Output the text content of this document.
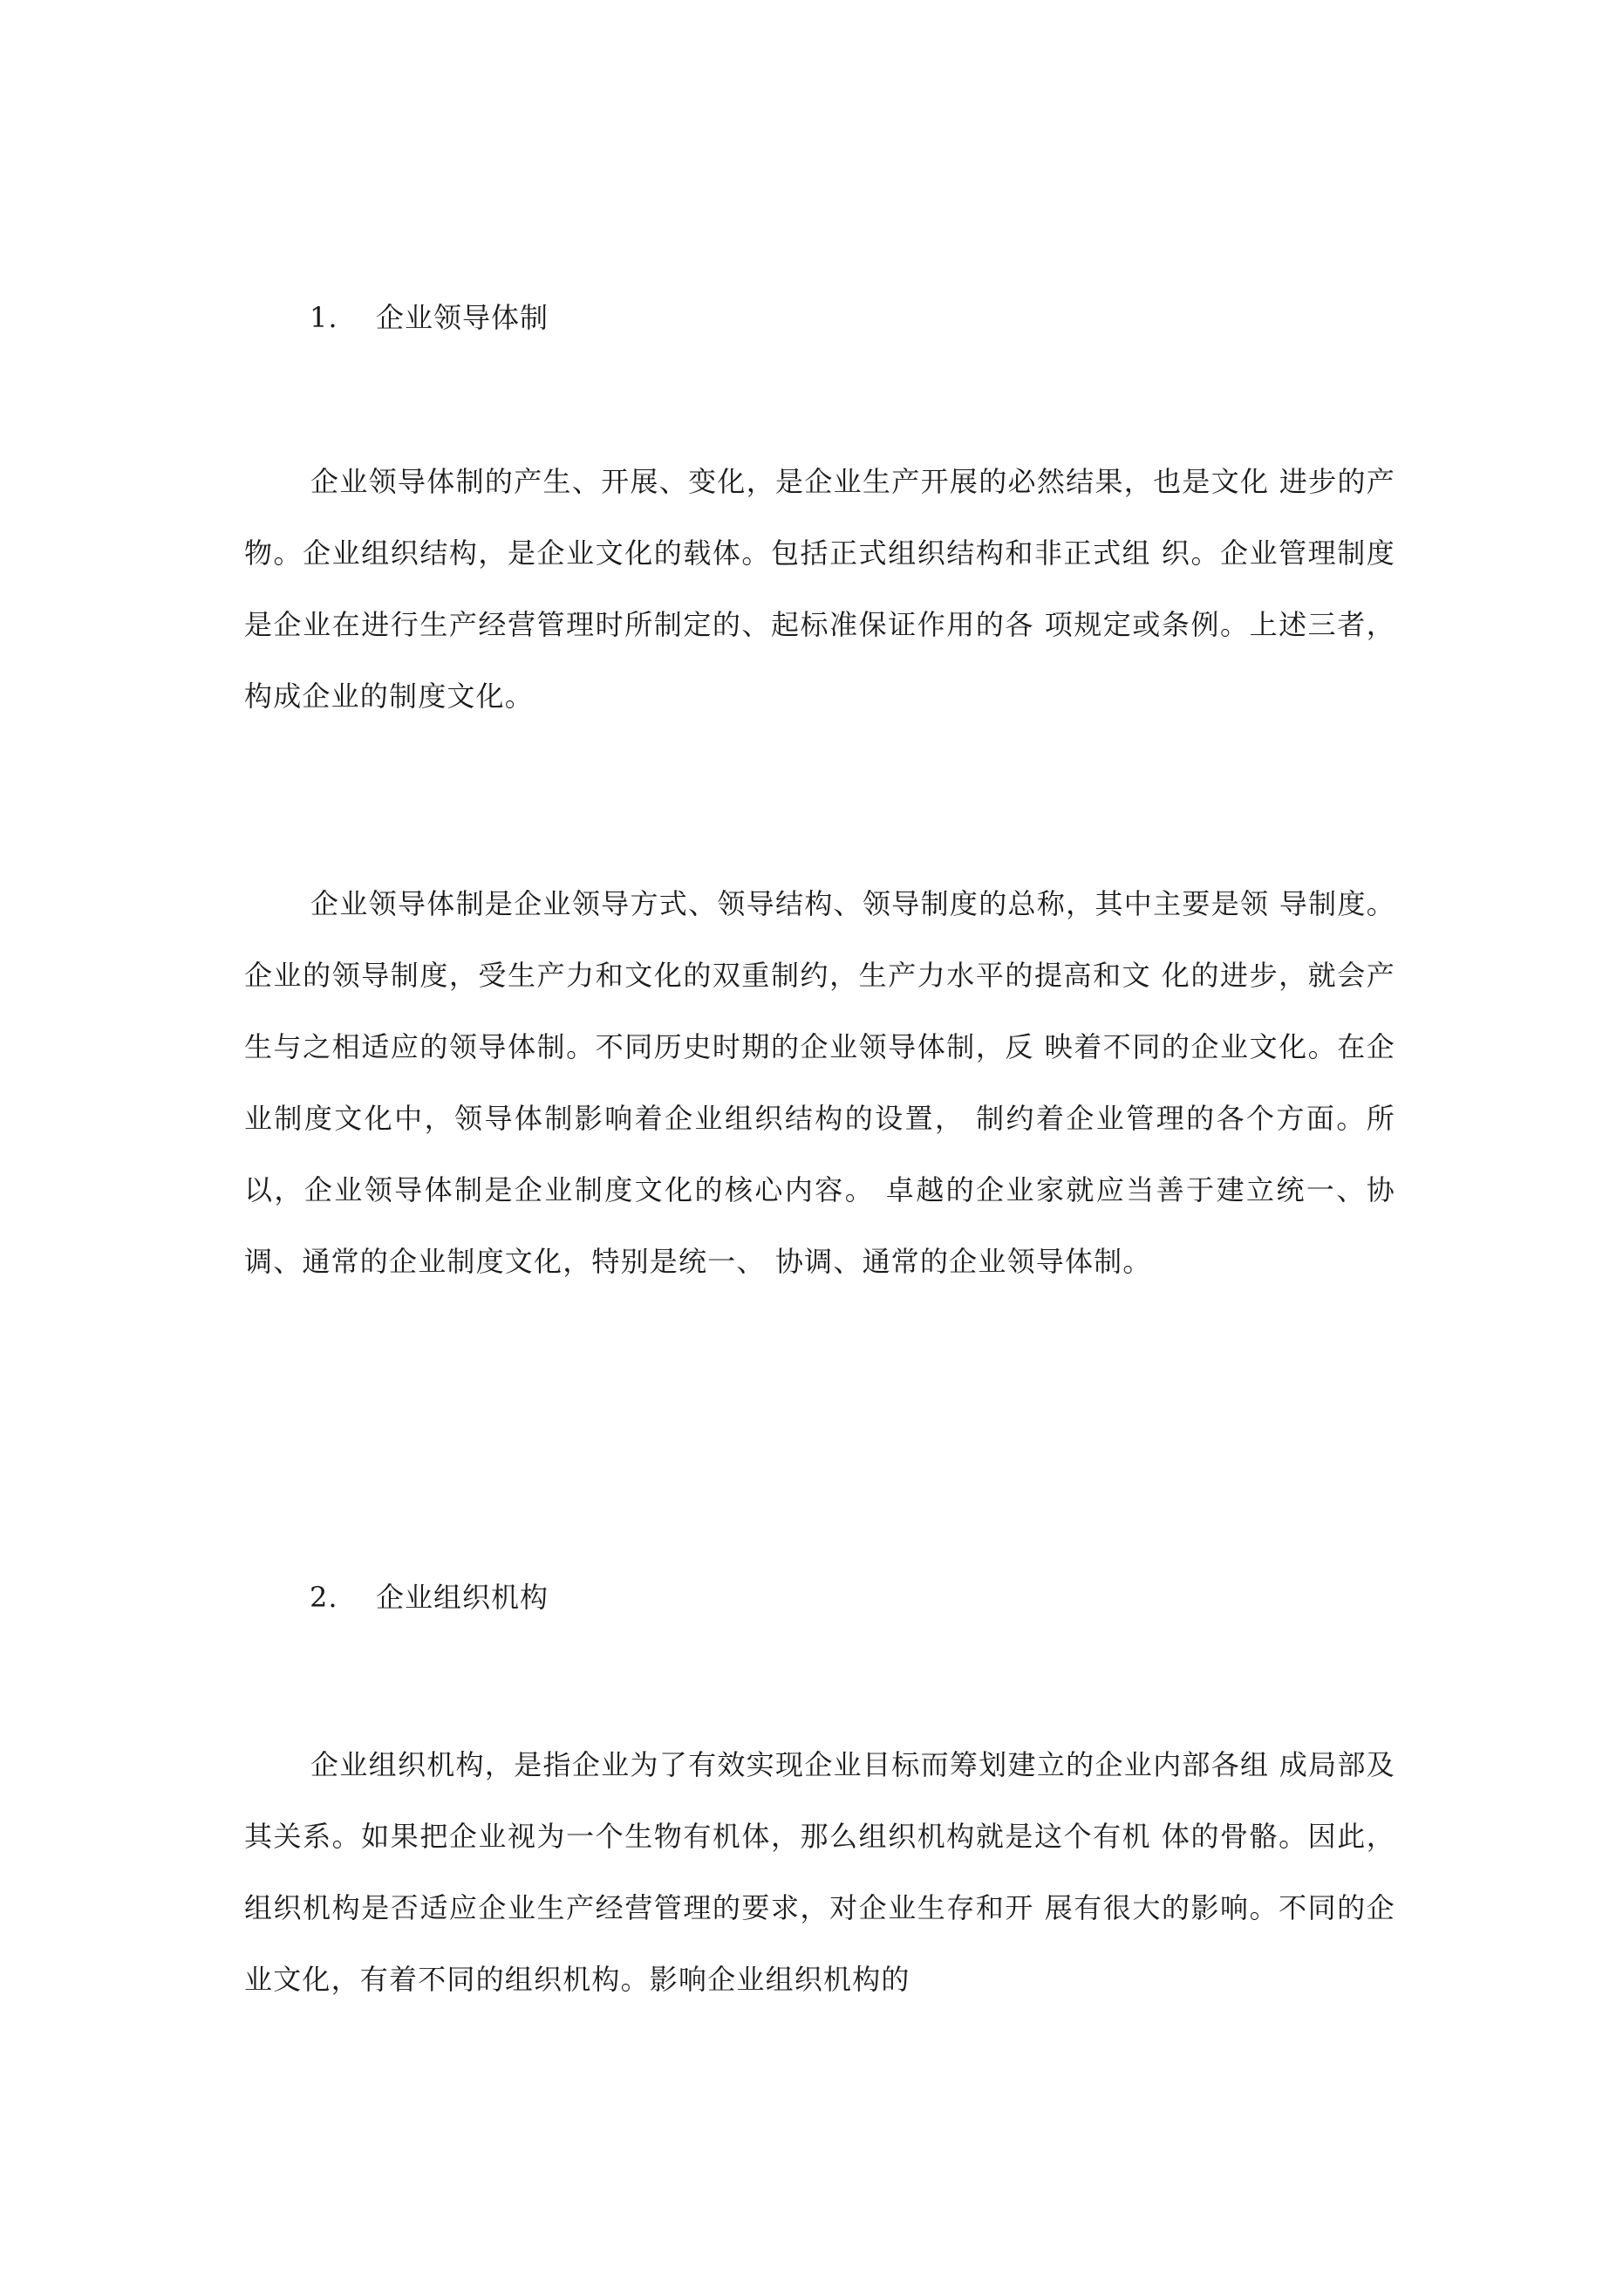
1. 企业领导体制

企业领导体制的产生、开展、变化，是企业生产开展的必然结果，也是文化 进步的产物。企业组织结构，是企业文化的载体。包括正式组织结构和非正式组 织。企业管理制度是企业在进行生产经营管理时所制定的、起标准保证作用的各 项规定或条例。上述三者，构成企业的制度文化。

企业领导体制是企业领导方式、领导结构、领导制度的总称，其中主要是领 导制度。企业的领导制度，受生产力和文化的双重制约，生产力水平的提高和文 化的进步，就会产生与之相适应的领导体制。不同历史时期的企业领导体制，反 映着不同的企业文化。在企业制度文化中，领导体制影响着企业组织结构的设置， 制约着企业管理的各个方面。所以，企业领导体制是企业制度文化的核心内容。 卓越的企业家就应当善于建立统一、协调、通常的企业制度文化，特别是统一、 协调、通常的企业领导体制。

2. 企业组织机构

企业组织机构，是指企业为了有效实现企业目标而筹划建立的企业内部各组 成局部及其关系。如果把企业视为一个生物有机体，那么组织机构就是这个有机 体的骨骼。因此，组织机构是否适应企业生产经营管理的要求，对企业生存和开 展有很大的影响。不同的企业文化，有着不同的组织机构。影响企业组织机构的
